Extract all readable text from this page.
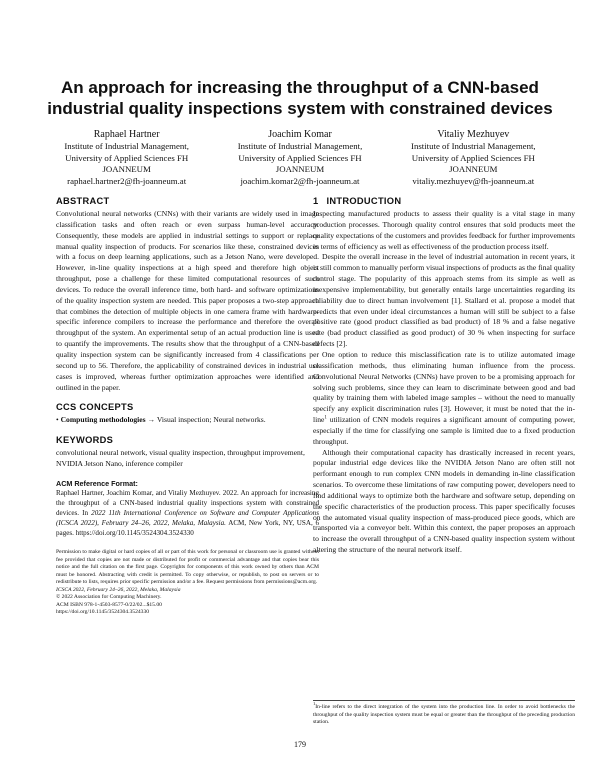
An approach for increasing the throughput of a CNN-based
industrial quality inspections system with constrained devices
Raphael Hartner
Institute of Industrial Management,
University of Applied Sciences FH
JOANNEUM
raphael.hartner2@fh-joanneum.at
Joachim Komar
Institute of Industrial Management,
University of Applied Sciences FH
JOANNEUM
joachim.komar2@fh-joanneum.at
Vitaliy Mezhuyev
Institute of Industrial Management,
University of Applied Sciences FH
JOANNEUM
vitaliy.mezhuyev@fh-joanneum.at
ABSTRACT

Convolutional neural networks (CNNs) with their variants are widely used in image classification tasks and often reach or even surpass human-level accuracy. Consequently, these models are applied in industrial settings to support or replace manual quality inspection of products. For scenarios like these, constrained devices with a focus on deep learning applications, such as a Jetson Nano, were developed. However, in-line quality inspections at a high speed and therefore high object throughput, pose a challenge for these limited computational resources of such devices. To reduce the overall inference time, both hard- and software optimizations of the quality inspection system are needed. This paper proposes a two-step approach that combines the detection of multiple objects in one camera frame with hardware-specific inference compilers to increase the performance and therefore the overall throughput of the system. An experimental setup of an actual production line is used to quantify the improvements. The results show that the throughput of a CNN-based quality inspection system can be significantly increased from 4 classifications per second up to 56. Therefore, the applicability of constrained devices in industrial use cases is improved, whereas further optimization approaches were identified and outlined in the paper.

CCS CONCEPTS

• Computing methodologies → Visual inspection; Neural networks.

KEYWORDS

convolutional neural network, visual quality inspection, throughput improvement, NVIDIA Jetson Nano, inference compiler

ACM Reference Format:

Raphael Hartner, Joachim Komar, and Vitaliy Mezhuyev. 2022. An approach for increasing the throughput of a CNN-based industrial quality inspections system with constrained devices. In 2022 11th International Conference on Software and Computer Applications (ICSCA 2022), February 24–26, 2022, Melaka, Malaysia. ACM, New York, NY, USA, 6 pages. https://doi.org/10.1145/3524304.3524330

Permission to make digital or hard copies of all or part of this work for personal or classroom use is granted without fee provided that copies are not made or distributed for profit or commercial advantage and that copies bear this notice and the full citation on the first page. Copyrights for components of this work owned by others than ACM must be honored. Abstracting with credit is permitted. To copy otherwise, or republish, to post on servers or to redistribute to lists, requires prior specific permission and/or a fee. Request permissions from permissions@acm.org.

ICSCA 2022, February 24–26, 2022, Melaka, Malaysia

© 2022 Association for Computing Machinery.

ACM ISBN 978-1-4503-8577-0/22/02...$15.00

https://doi.org/10.1145/3524304.3524330

1 INTRODUCTION

Inspecting manufactured products to assess their quality is a vital stage in many production processes. Thorough quality control ensures that sold products meet the quality expectations of the customers and provides feedback for further improvements in terms of efficiency as well as effectiveness of the production process itself.

Despite the overall increase in the level of industrial automation in recent years, it is still common to manually perform visual inspections of products as the final quality control stage. The popularity of this approach stems from its simple as well as inexpensive implementability, but generally entails large uncertainties regarding its reliability due to direct human involvement [1]. Stallard et al. propose a model that predicts that even under ideal circumstances a human will still be subject to a false positive rate (good product classified as bad product) of 18 % and a false negative rate (bad product classified as good product) of 30 % when inspecting for surface defects [2].

One option to reduce this misclassification rate is to utilize automated image classification methods, thus eliminating human influence from the process. Convolutional Neural Networks (CNNs) have proven to be a promising approach for solving such problems, since they can learn to discriminate between good and bad quality by training them with labeled image samples – without the need to manually specify any explicit discrimination rules [3]. However, it must be noted that the in-line$^1$ utilization of CNN models requires a significant amount of computing power, especially if the time for classifying one sample is limited due to a fixed production throughput.

Although their computational capacity has drastically increased in recent years, popular industrial edge devices like the NVIDIA Jetson Nano are often still not performant enough to run complex CNN models in demanding in-line classification scenarios. To overcome these limitations of raw computing power, developers need to find additional ways to optimize both the hardware and software setup, depending on the specific characteristics of the production process. This paper specifically focuses on the automated visual quality inspection of mass-produced piece goods, which are transported via a conveyor belt. Within this context, the paper proposes an approach to increase the overall throughput of a CNN-based quality inspection system without altering the structure of the neural network itself.

$^1$In-line refers to the direct integration of the system into the production line. In order to avoid bottlenecks the throughput of the quality inspection system must be equal or greater than the throughput of the preceding production station.
179
